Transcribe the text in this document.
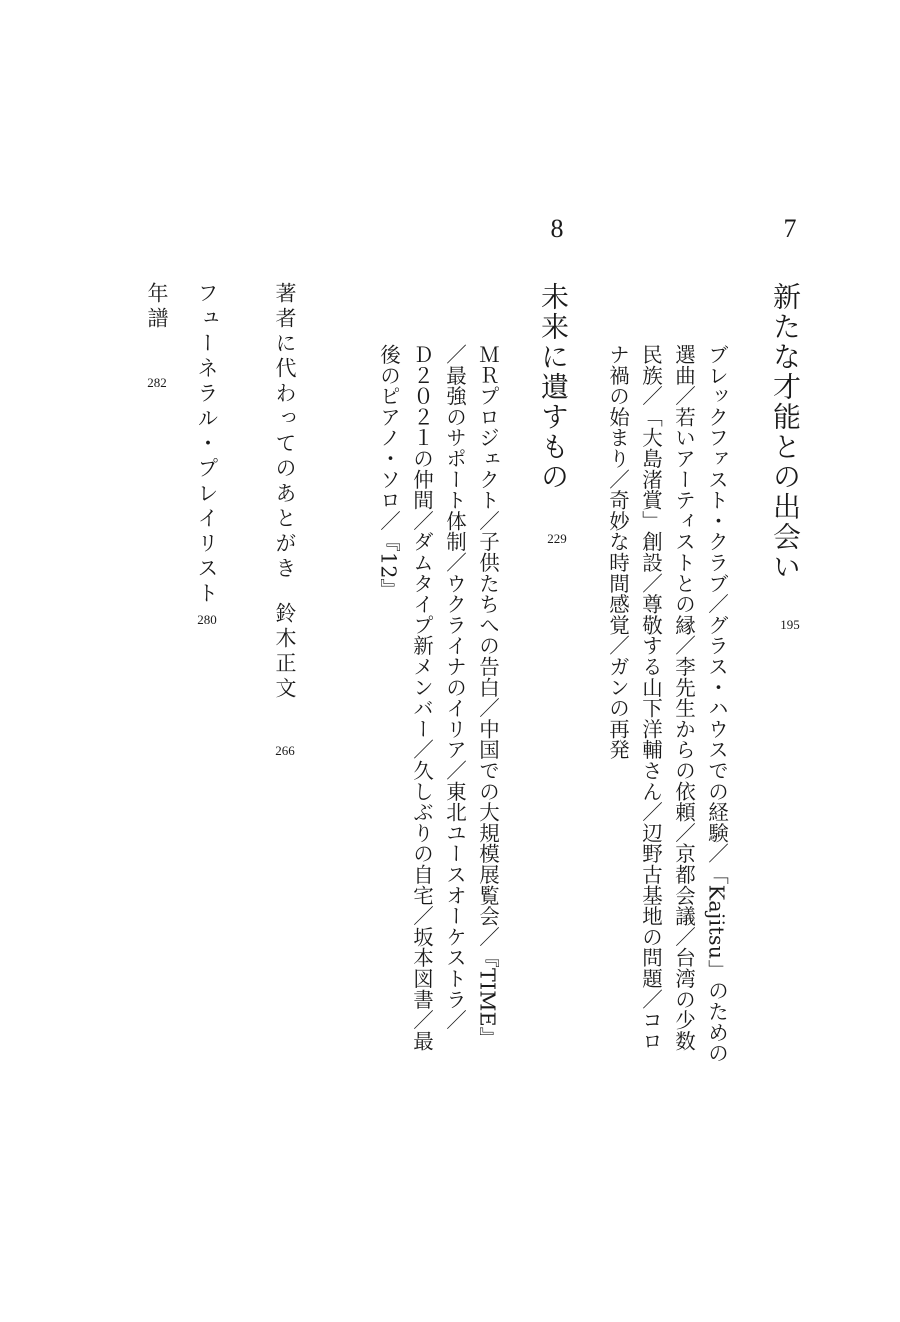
7
新たな才能との出会い
195
ブレックファスト・クラブ／グラス・ハウスでの経験／「Kajitsu」のための
選曲／若いアーティストとの縁／李先生からの依頼／京都会議／台湾の少数
民族／「大島渚賞」創設／尊敬する山下洋輔さん／辺野古基地の問題／コロ
ナ禍の始まり／奇妙な時間感覚／ガンの再発
8
未来に遺すもの
229
ＭＲプロジェクト／子供たちへの告白／中国での大規模展覧会／『TIME』
／最強のサポート体制／ウクライナのイリア／東北ユースオーケストラ／
Ｄ２０２１の仲間／ダムタイプ新メンバー／久しぶりの自宅／坂本図書／最
後のピアノ・ソロ／『12』
著者に代わってのあとがき
鈴木正文
266
フューネラル・プレイリスト
280
年譜
282
